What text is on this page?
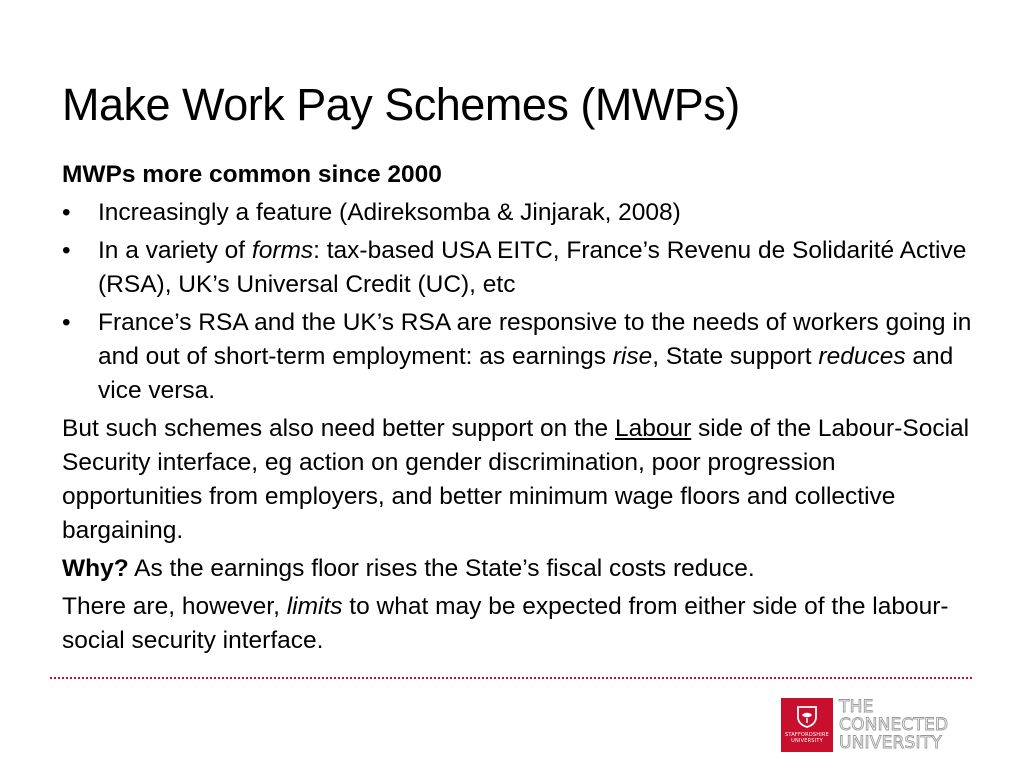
Make Work Pay Schemes (MWPs)
MWPs more common since 2000
• Increasingly a feature (Adireksomba & Jinjarak, 2008)
• In a variety of forms: tax-based USA EITC, France’s Revenu de Solidarité Active (RSA), UK’s Universal Credit (UC), etc
• France’s RSA and the UK’s RSA are responsive to the needs of workers going in and out of short-term employment: as earnings rise, State support reduces and vice versa.

But such schemes also need better support on the Labour side of the Labour-Social Security interface, eg action on gender discrimination, poor progression opportunities from employers, and better minimum wage floors and collective bargaining.

Why? As the earnings floor rises the State’s fiscal costs reduce.

There are, however, limits to what may be expected from either side of the labour-social security interface.

STAFFORDSHIRE
UNIVERSITY
THE
CONNECTED
UNIVERSITY
